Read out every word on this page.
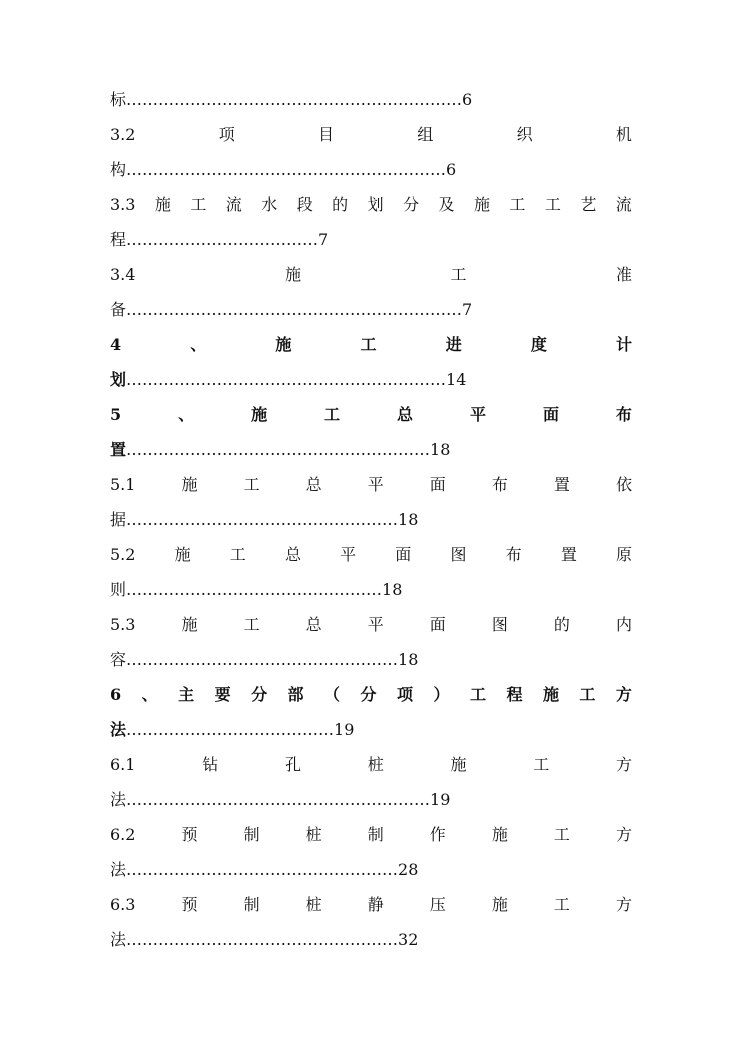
标 ……………………………………………………… 6
3.2	项	目	组	织	机
构 …………………………………………………… 6
3.3 施 工 流 水 段 的 划 分 及 施 工 工 艺 流
程 ……………………………… 7
3.4	施	工	准
备 ……………………………………………………… 7
4	、	施	工	进	度	计
划 …………………………………………………… 14
5	、	施	工	总	平	面	布
置 ………………………………………………… 18
5.1	施	工	总	平	面	布	置	依
据 …………………………………………… 18
5.2 施 工 总 平 面 图 布 置 原
则 ………………………………………… 18
5.3	施	工	总	平	面	图	的	内
容 …………………………………………… 18
6 、 主 要 分 部 （ 分 项 ） 工 程 施 工 方
法 ………………………………… 19
6.1	钻	孔	桩	施	工	方
法 ………………………………………………… 19
6.2	预	制	桩	制	作	施	工	方
法 …………………………………………… 28
6.3	预	制	桩	静	压	施	工	方
法 …………………………………………… 32
